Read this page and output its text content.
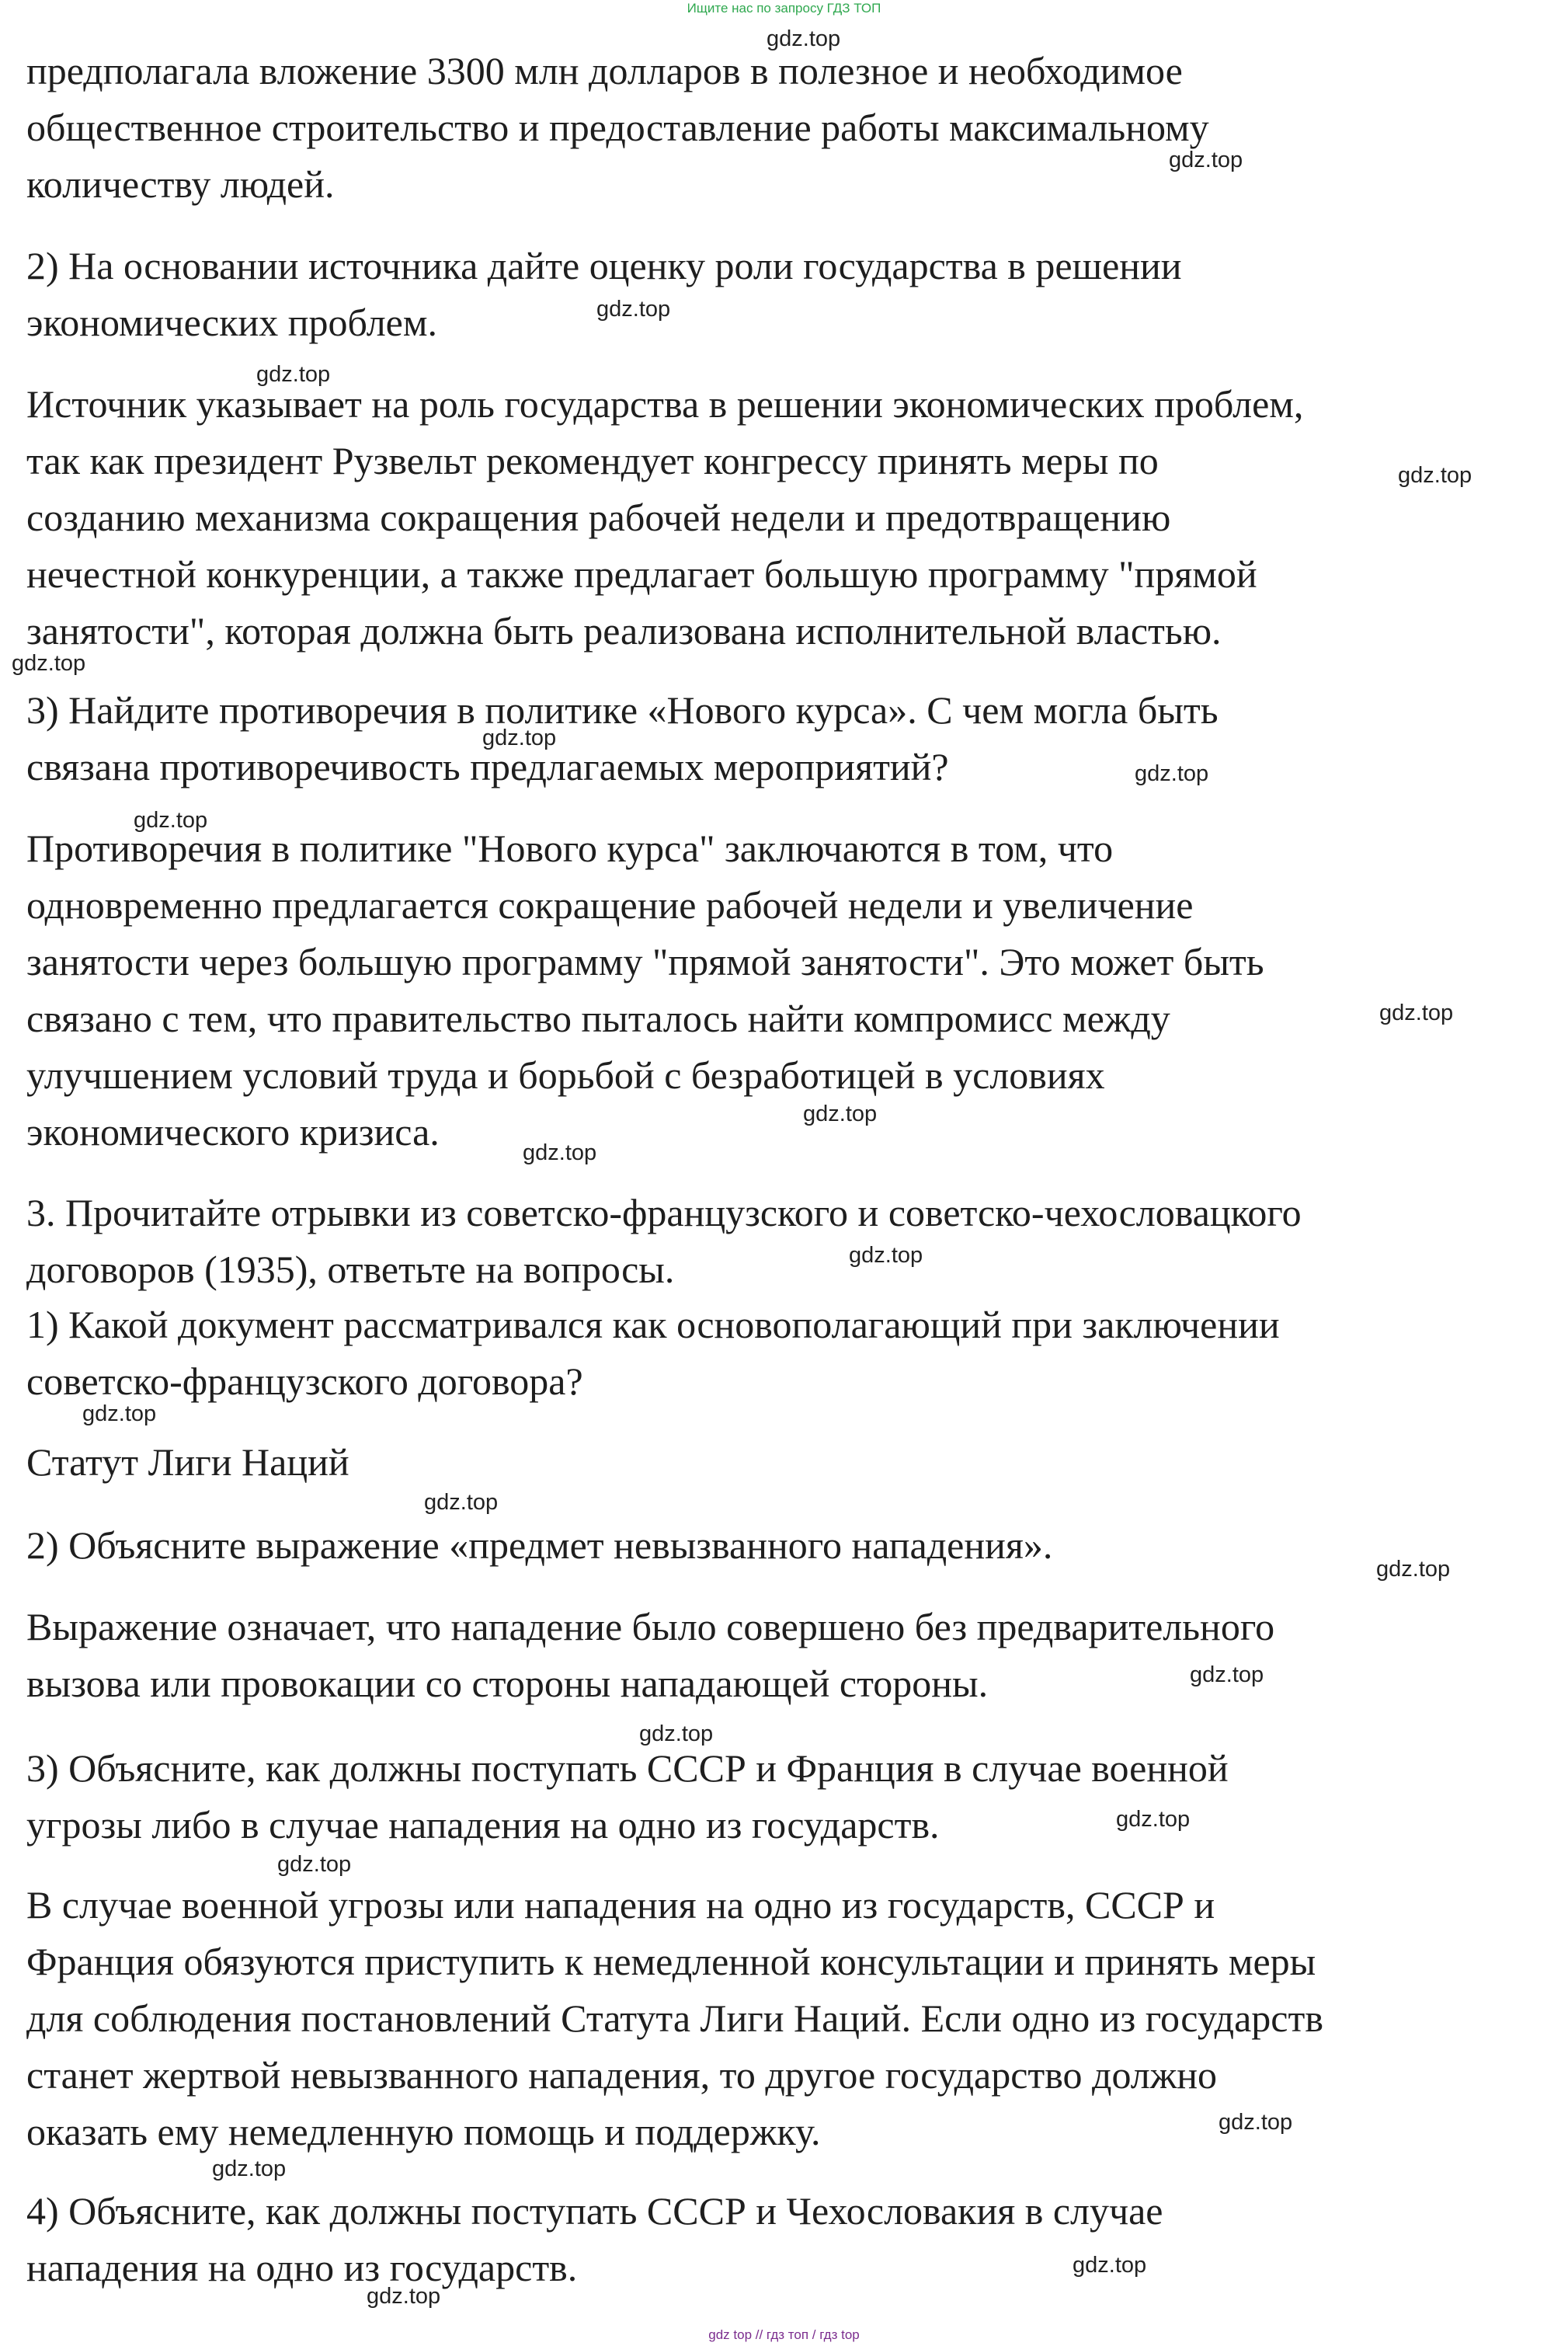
Ищите нас по запросу ГДЗ ТОП
предполагала вложение 3300 млн долларов в полезное и необходимое
общественное строительство и предоставление работы максимальному
количеству людей.
2) На основании источника дайте оценку роли государства в решении
экономических проблем.
Источник указывает на роль государства в решении экономических проблем,
так как президент Рузвельт рекомендует конгрессу принять меры по
созданию механизма сокращения рабочей недели и предотвращению
нечестной конкуренции, а также предлагает большую программу "прямой
занятости", которая должна быть реализована исполнительной властью.
3) Найдите противоречия в политике «Нового курса». С чем могла быть
связана противоречивость предлагаемых мероприятий?
Противоречия в политике "Нового курса" заключаются в том, что
одновременно предлагается сокращение рабочей недели и увеличение
занятости через большую программу "прямой занятости". Это может быть
связано с тем, что правительство пыталось найти компромисс между
улучшением условий труда и борьбой с безработицей в условиях
экономического кризиса.
3. Прочитайте отрывки из советско-французского и советско-чехословацкого
договоров (1935), ответьте на вопросы.
1) Какой документ рассматривался как основополагающий при заключении
советско-французского договора?
Статут Лиги Наций
2) Объясните выражение «предмет невызванного нападения».
Выражение означает, что нападение было совершено без предварительного
вызова или провокации со стороны нападающей стороны.
3) Объясните, как должны поступать СССР и Франция в случае военной
угрозы либо в случае нападения на одно из государств.
В случае военной угрозы или нападения на одно из государств, СССР и
Франция обязуются приступить к немедленной консультации и принять меры
для соблюдения постановлений Статута Лиги Наций. Если одно из государств
станет жертвой невызванного нападения, то другое государство должно
оказать ему немедленную помощь и поддержку.
4) Объясните, как должны поступать СССР и Чехословакия в случае
нападения на одно из государств.
gdz.top
gdz.top
gdz.top
gdz.top
gdz.top
gdz.top
gdz.top
gdz.top
gdz.top
gdz.top
gdz.top
gdz.top
gdz.top
gdz.top
gdz.top
gdz.top
gdz.top
gdz.top
gdz.top
gdz.top
gdz.top
gdz.top
gdz.top
gdz.top
gdz top // гдз топ / гдз top
